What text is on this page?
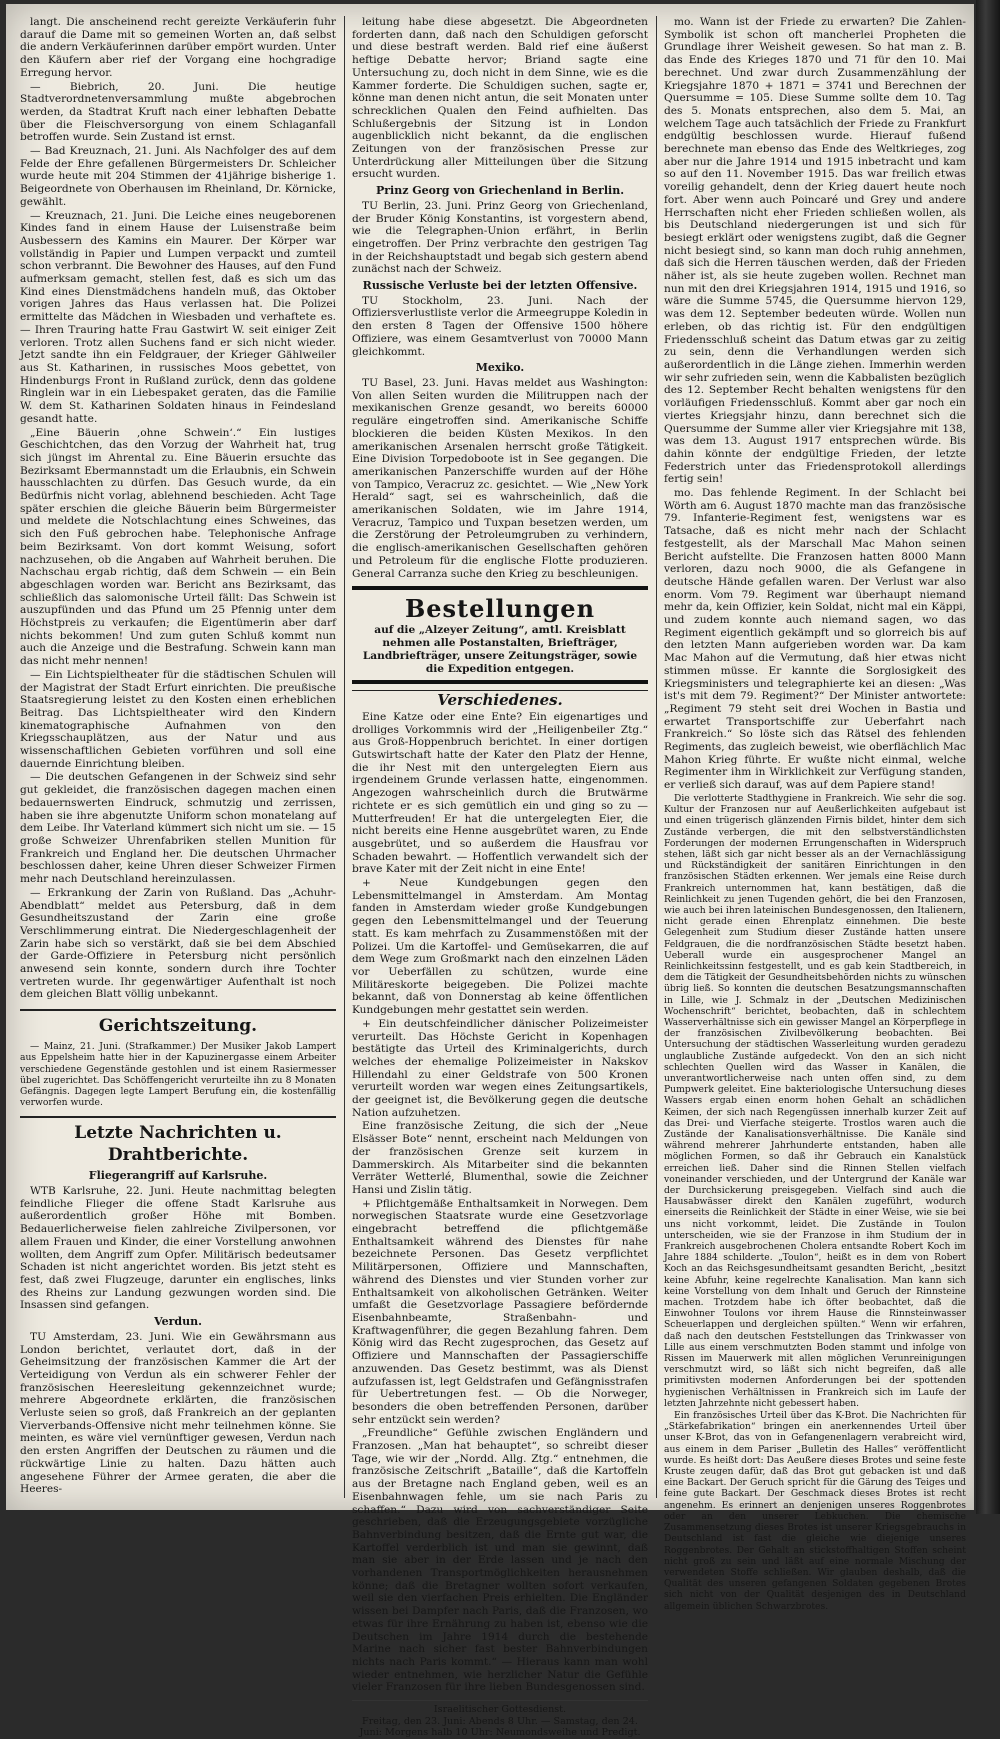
langt. Die anscheinend recht gereizte Verkäuferin fuhr darauf die Dame mit so gemeinen Worten an, daß selbst die andern Verkäuferinnen darüber empört wurden. Unter den Käufern aber rief der Vorgang eine hochgradige Erregung hervor.

— Biebrich, 20. Juni. Die heutige Stadtverordnetenversammlung mußte abgebrochen werden, da Stadtrat Kruft nach einer lebhaften Debatte über die Fleischversorgung von einem Schlaganfall betroffen wurde. Sein Zustand ist ernst.

— Bad Kreuznach, 21. Juni. Als Nachfolger des auf dem Felde der Ehre gefallenen Bürgermeisters Dr. Schleicher wurde heute mit 204 Stimmen der 41jährige bisherige 1. Beigeordnete von Oberhausen im Rheinland, Dr. Körnicke, gewählt.

— Kreuznach, 21. Juni. Die Leiche eines neugeborenen Kindes fand in einem Hause der Luisenstraße beim Ausbessern des Kamins ein Maurer. Der Körper war vollständig in Papier und Lumpen verpackt und zumteil schon verbrannt. Die Bewohner des Hauses, auf den Fund aufmerksam gemacht, stellen fest, daß es sich um das Kind eines Dienstmädchens handeln muß, das Oktober vorigen Jahres das Haus verlassen hat. Die Polizei ermittelte das Mädchen in Wiesbaden und verhaftete es. — Ihren Trauring hatte Frau Gastwirt W. seit einiger Zeit verloren. Trotz allen Suchens fand er sich nicht wieder. Jetzt sandte ihn ein Feldgrauer, der Krieger Gählweiler aus St. Katharinen, in russisches Moos gebettet, von Hindenburgs Front in Rußland zurück, denn das goldene Ringlein war in ein Liebespaket geraten, das die Familie W. dem St. Katharinen Soldaten hinaus in Feindesland gesandt hatte.

„Eine Bäuerin ‚ohne Schwein‘.“ Ein lustiges Geschichtchen, das den Vorzug der Wahrheit hat, trug sich jüngst im Ahrental zu. Eine Bäuerin ersuchte das Bezirksamt Ebermannstadt um die Erlaubnis, ein Schwein hausschlachten zu dürfen. Das Gesuch wurde, da ein Bedürfnis nicht vorlag, ablehnend beschieden. Acht Tage später erschien die gleiche Bäuerin beim Bürgermeister und meldete die Notschlachtung eines Schweines, das sich den Fuß gebrochen habe. Telephonische Anfrage beim Bezirksamt. Von dort kommt Weisung, sofort nachzusehen, ob die Angaben auf Wahrheit beruhen. Die Nachschau ergab richtig, daß dem Schwein — ein Bein abgeschlagen worden war. Bericht ans Bezirksamt, das schließlich das salomonische Urteil fällt: Das Schwein ist auszupfünden und das Pfund um 25 Pfennig unter dem Höchstpreis zu verkaufen; die Eigentümerin aber darf nichts bekommen! Und zum guten Schluß kommt nun auch die Anzeige und die Bestrafung. Schwein kann man das nicht mehr nennen!

— Ein Lichtspieltheater für die städtischen Schulen will der Magistrat der Stadt Erfurt einrichten. Die preußische Staatsregierung leistet zu den Kosten einen erheblichen Beitrag. Das Lichtspieltheater wird den Kindern kinematographische Aufnahmen von den Kriegsschauplätzen, aus der Natur und aus wissenschaftlichen Gebieten vorführen und soll eine dauernde Einrichtung bleiben.

— Die deutschen Gefangenen in der Schweiz sind sehr gut gekleidet, die französischen dagegen machen einen bedauernswerten Eindruck, schmutzig und zerrissen, haben sie ihre abgenutzte Uniform schon monatelang auf dem Leibe. Ihr Vaterland kümmert sich nicht um sie. — 15 große Schweizer Uhrenfabriken stellen Munition für Frankreich und England her. Die deutschen Uhrmacher beschlossen daher, keine Uhren dieser Schweizer Firmen mehr nach Deutschland hereinzulassen.

— Erkrankung der Zarin von Rußland. Das „Achuhr-Abendblatt“ meldet aus Petersburg, daß in dem Gesundheitszustand der Zarin eine große Verschlimmerung eintrat. Die Niedergeschlagenheit der Zarin habe sich so verstärkt, daß sie bei dem Abschied der Garde-Offiziere in Petersburg nicht persönlich anwesend sein konnte, sondern durch ihre Tochter vertreten wurde. Ihr gegenwärtiger Aufenthalt ist noch dem gleichen Blatt völlig unbekannt.

Gerichtszeitung.

— Mainz, 21. Juni. (Strafkammer.) Der Musiker Jakob Lampert aus Eppelsheim hatte hier in der Kapuzinergasse einem Arbeiter verschiedene Gegenstände gestohlen und ist einem Rasiermesser übel zugerichtet. Das Schöffengericht verurteilte ihn zu 8 Monaten Gefängnis. Dagegen legte Lampert Berufung ein, die kostenfällig verworfen wurde.

Letzte Nachrichten u. Drahtberichte.
Fliegerangriff auf Karlsruhe.

WTB Karlsruhe, 22. Juni. Heute nachmittag belegten feindliche Flieger die offene Stadt Karlsruhe aus außerordentlich großer Höhe mit Bomben. Bedauerlicherweise fielen zahlreiche Zivilpersonen, vor allem Frauen und Kinder, die einer Vorstellung anwohnen wollten, dem Angriff zum Opfer. Militärisch bedeutsamer Schaden ist nicht angerichtet worden. Bis jetzt steht es fest, daß zwei Flugzeuge, darunter ein englisches, links des Rheins zur Landung gezwungen worden sind. Die Insassen sind gefangen.

Verdun.

TU Amsterdam, 23. Juni. Wie ein Gewährsmann aus London berichtet, verlautet dort, daß in der Geheimsitzung der französischen Kammer die Art der Verteidigung von Verdun als ein schwerer Fehler der französischen Heeresleitung gekennzeichnet wurde; mehrere Abgeordnete erklärten, die französischen Verluste seien so groß, daß Frankreich an der geplanten Vierverbands-Offensive nicht mehr teilnehmen könne. Sie meinten, es wäre viel vernünftiger gewesen, Verdun nach den ersten Angriffen der Deutschen zu räumen und die rückwärtige Linie zu halten. Dazu hätten auch angesehene Führer der Armee geraten, die aber die Heeres-

leitung habe diese abgesetzt. Die Abgeordneten forderten dann, daß nach den Schuldigen geforscht und diese bestraft werden. Bald rief eine äußerst heftige Debatte hervor; Briand sagte eine Untersuchung zu, doch nicht in dem Sinne, wie es die Kammer forderte. Die Schuldigen suchen, sagte er, könne man denen nicht antun, die seit Monaten unter schrecklichen Qualen den Feind aufhielten. Das Schlußergebnis der Sitzung ist in London augenblicklich nicht bekannt, da die englischen Zeitungen von der französischen Presse zur Unterdrückung aller Mitteilungen über die Sitzung ersucht wurden.

Prinz Georg von Griechenland in Berlin.

TU Berlin, 23. Juni. Prinz Georg von Griechenland, der Bruder König Konstantins, ist vorgestern abend, wie die Telegraphen-Union erfährt, in Berlin eingetroffen. Der Prinz verbrachte den gestrigen Tag in der Reichshauptstadt und begab sich gestern abend zunächst nach der Schweiz.

Russische Verluste bei der letzten Offensive.

TU Stockholm, 23. Juni. Nach der Offiziersverlustliste verlor die Armeegruppe Koledin in den ersten 8 Tagen der Offensive 1500 höhere Offiziere, was einem Gesamtverlust von 70000 Mann gleichkommt.

Mexiko.

TU Basel, 23. Juni. Havas meldet aus Washington: Von allen Seiten wurden die Militruppen nach der mexikanischen Grenze gesandt, wo bereits 60000 reguläre eingetroffen sind. Amerikanische Schiffe blockieren die beiden Küsten Mexikos. In den amerikanischen Arsenalen herrscht große Tätigkeit. Eine Division Torpedoboote ist in See gegangen. Die amerikanischen Panzerschiffe wurden auf der Höhe von Tampico, Veracruz zc. gesichtet. — Wie „New York Herald“ sagt, sei es wahrscheinlich, daß die amerikanischen Soldaten, wie im Jahre 1914, Veracruz, Tampico und Tuxpan besetzen werden, um die Zerstörung der Petroleumgruben zu verhindern, die englisch-amerikanischen Gesellschaften gehören und Petroleum für die englische Flotte produzieren. General Carranza suche den Krieg zu beschleunigen.

Bestellungen
auf die „Alzeyer Zeitung“, amtl. Kreisblatt nehmen alle Postanstalten, Briefträger, Landbriefträger, unsere Zeitungsträger, sowie die Expedition entgegen.
Verschiedenes.

Eine Katze oder eine Ente? Ein eigenartiges und drolliges Vorkommnis wird der „Heiligenbeiler Ztg.“ aus Groß-Hoppenbruch berichtet. In einer dortigen Gutswirtschaft hatte der Kater den Platz der Henne, die ihr Nest mit den untergelegten Eiern aus irgendeinem Grunde verlassen hatte, eingenommen. Angezogen wahrscheinlich durch die Brutwärme richtete er es sich gemütlich ein und ging so zu — Mutterfreuden! Er hat die untergelegten Eier, die nicht bereits eine Henne ausgebrütet waren, zu Ende ausgebrütet, und so außerdem die Hausfrau vor Schaden bewahrt. — Hoffentlich verwandelt sich der brave Kater mit der Zeit nicht in eine Ente!

+ Neue Kundgebungen gegen den Lebensmittelmangel in Amsterdam. Am Montag fanden in Amsterdam wieder große Kundgebungen gegen den Lebensmittelmangel und der Teuerung statt. Es kam mehrfach zu Zusammenstößen mit der Polizei. Um die Kartoffel- und Gemüsekarren, die auf dem Wege zum Großmarkt nach den einzelnen Läden vor Ueberfällen zu schützen, wurde eine Militäreskorte beigegeben. Die Polizei machte bekannt, daß von Donnerstag ab keine öffentlichen Kundgebungen mehr gestattet sein werden.

+ Ein deutschfeindlicher dänischer Polizeimeister verurteilt. Das Höchste Gericht in Kopenhagen bestätigte das Urteil des Kriminalgerichts, durch welches der ehemalige Polizeimeister in Nakskov Hillendahl zu einer Geldstrafe von 500 Kronen verurteilt worden war wegen eines Zeitungsartikels, der geeignet ist, die Bevölkerung gegen die deutsche Nation aufzuhetzen.

Eine französische Zeitung, die sich der „Neue Elsässer Bote“ nennt, erscheint nach Meldungen von der französischen Grenze seit kurzem in Dammerskirch. Als Mitarbeiter sind die bekannten Verräter Wetterlé, Blumenthal, sowie die Zeichner Hansi und Zislin tätig.

+ Pflichtgemäße Enthaltsamkeit in Norwegen. Dem norwegischen Staatsrate wurde eine Gesetzvorlage eingebracht betreffend die pflichtgemäße Enthaltsamkeit während des Dienstes für nahe bezeichnete Personen. Das Gesetz verpflichtet Militärpersonen, Offiziere und Mannschaften, während des Dienstes und vier Stunden vorher zur Enthaltsamkeit von alkoholischen Getränken. Weiter umfaßt die Gesetzvorlage Passagiere befördernde Eisenbahnbeamte, Straßenbahn- und Kraftwagenführer, die gegen Bezahlung fahren. Dem König wird das Recht zugesprochen, das Gesetz auf Offiziere und Mannschaften der Passagierschiffe anzuwenden. Das Gesetz bestimmt, was als Dienst aufzufassen ist, legt Geldstrafen und Gefängnisstrafen für Uebertretungen fest. — Ob die Norweger, besonders die oben betreffenden Personen, darüber sehr entzückt sein werden?

„Freundliche“ Gefühle zwischen Engländern und Franzosen. „Man hat behauptet“, so schreibt dieser Tage, wie wir der „Nordd. Allg. Ztg.“ entnehmen, die französische Zeitschrift „Bataille“, daß die Kartoffeln aus der Bretagne nach England geben, weil es an Eisenbahnwagen fehle, um sie nach Paris zu schaffen.“ Dazu wird von sachverständiger Seite geschrieben, daß die Erzeugungsgebiete vorzügliche Bahnverbindung besitzen, daß die Ernte gut war, die Kartoffel verderblich ist und man sie gewinnt, daß man sie aber in der Erde lassen und je nach den vorhandenen Transportmöglichkeiten herausnehmen könne; daß die Bretagner wollten sofort verkaufen, weil sie den vierfachen Preis erhielten. Die Engländer wissen bei Dampfer nach Paris, daß die Franzosen, wo etwas für ihre Ernährung zu haben ist, ebenso wie die Deutschen im Jahre 1914 durch die bestehende Marine nach sicher fast bester Bahnverbindungen nichts nach Paris kommt.“ — Hieraus kann man wohl wieder entnehmen, wie herzlicher Natur die Gefühle vieler Franzosen für ihre lieben Bundesgenossen sind.

Israelitischer Gottesdienst.
Freitag, den 23. Juni: Abends 8 Uhr. — Samstag, den 24. Juni: Morgens halb 10 Uhr: Neumondsweihe und Predigt.

mo. Wann ist der Friede zu erwarten? Die Zahlen-Symbolik ist schon oft mancherlei Propheten die Grundlage ihrer Weisheit gewesen. So hat man z. B. das Ende des Krieges 1870 und 71 für den 10. Mai berechnet. Und zwar durch Zusammenzählung der Kriegsjahre 1870 + 1871 = 3741 und Berechnen der Quersumme = 105. Diese Summe sollte dem 10. Tag des 5. Monats entsprechen, also dem 5. Mai, an welchem Tage auch tatsächlich der Friede zu Frankfurt endgültig beschlossen wurde. Hierauf fußend berechnete man ebenso das Ende des Weltkrieges, zog aber nur die Jahre 1914 und 1915 inbetracht und kam so auf den 11. November 1915. Das war freilich etwas voreilig gehandelt, denn der Krieg dauert heute noch fort. Aber wenn auch Poincaré und Grey und andere Herrschaften nicht eher Frieden schließen wollen, als bis Deutschland niedergerungen ist und sich für besiegt erklärt oder wenigstens zugibt, daß die Gegner nicht besiegt sind, so kann man doch ruhig annehmen, daß sich die Herren täuschen werden, daß der Frieden näher ist, als sie heute zugeben wollen. Rechnet man nun mit den drei Kriegsjahren 1914, 1915 und 1916, so wäre die Summe 5745, die Quersumme hiervon 129, was dem 12. September bedeuten würde. Wollen nun erleben, ob das richtig ist. Für den endgültigen Friedensschluß scheint das Datum etwas gar zu zeitig zu sein, denn die Verhandlungen werden sich außerordentlich in die Länge ziehen. Immerhin werden wir sehr zufrieden sein, wenn die Kabbalisten bezüglich des 12. September Recht behalten wenigstens für den vorläufigen Friedensschluß. Kommt aber gar noch ein viertes Kriegsjahr hinzu, dann berechnet sich die Quersumme der Summe aller vier Kriegsjahre mit 138, was dem 13. August 1917 entsprechen würde. Bis dahin könnte der endgültige Frieden, der letzte Federstrich unter das Friedensprotokoll allerdings fertig sein!

mo. Das fehlende Regiment. In der Schlacht bei Wörth am 6. August 1870 machte man das französische 79. Infanterie-Regiment fest, wenigstens war es Tatsache, daß es nicht mehr nach der Schlacht festgestellt, als der Marschall Mac Mahon seinen Bericht aufstellte. Die Franzosen hatten 8000 Mann verloren, dazu noch 9000, die als Gefangene in deutsche Hände gefallen waren. Der Verlust war also enorm. Vom 79. Regiment war überhaupt niemand mehr da, kein Offizier, kein Soldat, nicht mal ein Käppi, und zudem konnte auch niemand sagen, wo das Regiment eigentlich gekämpft und so glorreich bis auf den letzten Mann aufgerieben worden war. Da kam Mac Mahon auf die Vermutung, daß hier etwas nicht stimmen müsse. Er kannte die Sorglosigkeit des Kriegsministers und telegraphierte kei an diesen: „Was ist's mit dem 79. Regiment?“ Der Minister antwortete: „Regiment 79 steht seit drei Wochen in Bastia und erwartet Transportschiffe zur Ueberfahrt nach Frankreich.“ So löste sich das Rätsel des fehlenden Regiments, das zugleich beweist, wie oberflächlich Mac Mahon Krieg führte. Er wußte nicht einmal, welche Regimenter ihm in Wirklichkeit zur Verfügung standen, er verließ sich darauf, was auf dem Papiere stand!

Die verlotterte Stadthygiene in Frankreich. Wie sehr die sog. Kultur der Franzosen nur auf Aeußerlichkeiten aufgebaut ist und einen trügerisch glänzenden Firnis bildet, hinter dem sich Zustände verbergen, die mit den selbstverständlichsten Forderungen der modernen Errungenschaften in Widerspruch stehen, läßt sich gar nicht besser als an der Vernachlässigung und Rückständigkeit der sanitären Einrichtungen in den französischen Städten erkennen. Wer jemals eine Reise durch Frankreich unternommen hat, kann bestätigen, daß die Reinlichkeit zu jenen Tugenden gehört, die bei den Franzosen, wie auch bei ihren lateinischen Bundesgenossen, den Italienern, nicht gerade einen Ehrenplatz einnehmen. Die beste Gelegenheit zum Studium dieser Zustände hatten unsere Feldgrauen, die die nordfranzösischen Städte besetzt haben. Ueberall wurde ein ausgesprochener Mangel an Reinlichkeitssinn festgestellt, und es gab kein Stadtbereich, in dem die Tätigkeit der Gesundheitsbehörden nichts zu wünschen übrig ließ. So konnten die deutschen Besatzungsmannschaften in Lille, wie J. Schmalz in der „Deutschen Medizinischen Wochenschrift“ berichtet, beobachten, daß in schlechtem Wasserverhältnisse sich ein gewisser Mangel an Körperpflege in der französischen Zivilbevölkerung beobachten. Bei Untersuchung der städtischen Wasserleitung wurden geradezu unglaubliche Zustände aufgedeckt. Von den an sich nicht schlechten Quellen wird das Wasser in Kanälen, die unverantwortlicherweise nach unten offen sind, zu dem Pumpwerk geleitet. Eine bakteriologische Untersuchung dieses Wassers ergab einen enorm hohen Gehalt an schädlichen Keimen, der sich nach Regengüssen innerhalb kurzer Zeit auf das Drei- und Vierfache steigerte. Trostlos waren auch die Zustände der Kanalisationsverhältnisse. Die Kanäle sind während mehrerer Jahrhunderte entstanden, haben alle möglichen Formen, so daß ihr Gebrauch ein Kanalstück erreichen ließ. Daher sind die Rinnen Stellen vielfach voneinander verschieden, und der Untergrund der Kanäle war der Durchsickerung preisgegeben. Vielfach sind auch die Hausabwässer direkt den Kanälen zugeführt, wodurch einerseits die Reinlichkeit der Städte in einer Weise, wie sie bei uns nicht vorkommt, leidet. Die Zustände in Toulon unterscheiden, wie sie der Franzose in ihm Studium der in Frankreich ausgebrochenen Cholera entsandte Robert Koch im Jahre 1884 schilderte. „Toulon“, heißt es in dem von Robert Koch an das Reichsgesundheitsamt gesandten Bericht, „besitzt keine Abfuhr, keine regelrechte Kanalisation. Man kann sich keine Vorstellung von dem Inhalt und Geruch der Rinnsteine machen. Trotzdem habe ich öfter beobachtet, daß die Einwohner Toulons vor ihrem Hause die Rinnsteinwasser Scheuerlappen und dergleichen spülten.“ Wenn wir erfahren, daß nach den deutschen Feststellungen das Trinkwasser von Lille aus einem verschmutzten Boden stammt und infolge von Rissen im Mauerwerk mit allen möglichen Verunreinigungen verschmutzt wird, so läßt sich nicht begreifen, daß alle primitivsten modernen Anforderungen bei der spottenden hygienischen Verhältnissen in Frankreich sich im Laufe der letzten Jahrzehnte nicht gebessert haben.

Ein französisches Urteil über das K-Brot. Die Nachrichten für „Stärkefabrikation“ bringen ein anerkennendes Urteil über unser K-Brot, das von in Gefangenenlagern verabreicht wird, aus einem in dem Pariser „Bulletin des Halles“ veröffentlicht wurde. Es heißt dort: Das Aeußere dieses Brotes und seine feste Kruste zeugen dafür, daß das Brot gut gebacken ist und daß eine Backart. Der Geruch spricht für die Gärung des Teiges und feine gute Backart. Der Geschmack dieses Brotes ist recht angenehm. Es erinnert an denjenigen unseres Roggenbrotes oder an den unserer Lebkuchen. Die chemische Zusammensetzung dieses Brotes ist unserer Kriegsgebrauchs in Deutschland ist fast die gleiche wie diejenige unseres Roggenbrotes. Der Gehalt an stickstoffhaltigen Stoffen scheint nicht groß zu sein und läßt auf eine normale Mischung der verwendeten Stoffe schließen. Wir glauben deshalb, daß die Qualität des unseren gefangenen Soldaten gegebenen Brotes sich nicht von der Qualität desjenigen des in Deutschland allgemein üblichen Schwarzbrotes.
